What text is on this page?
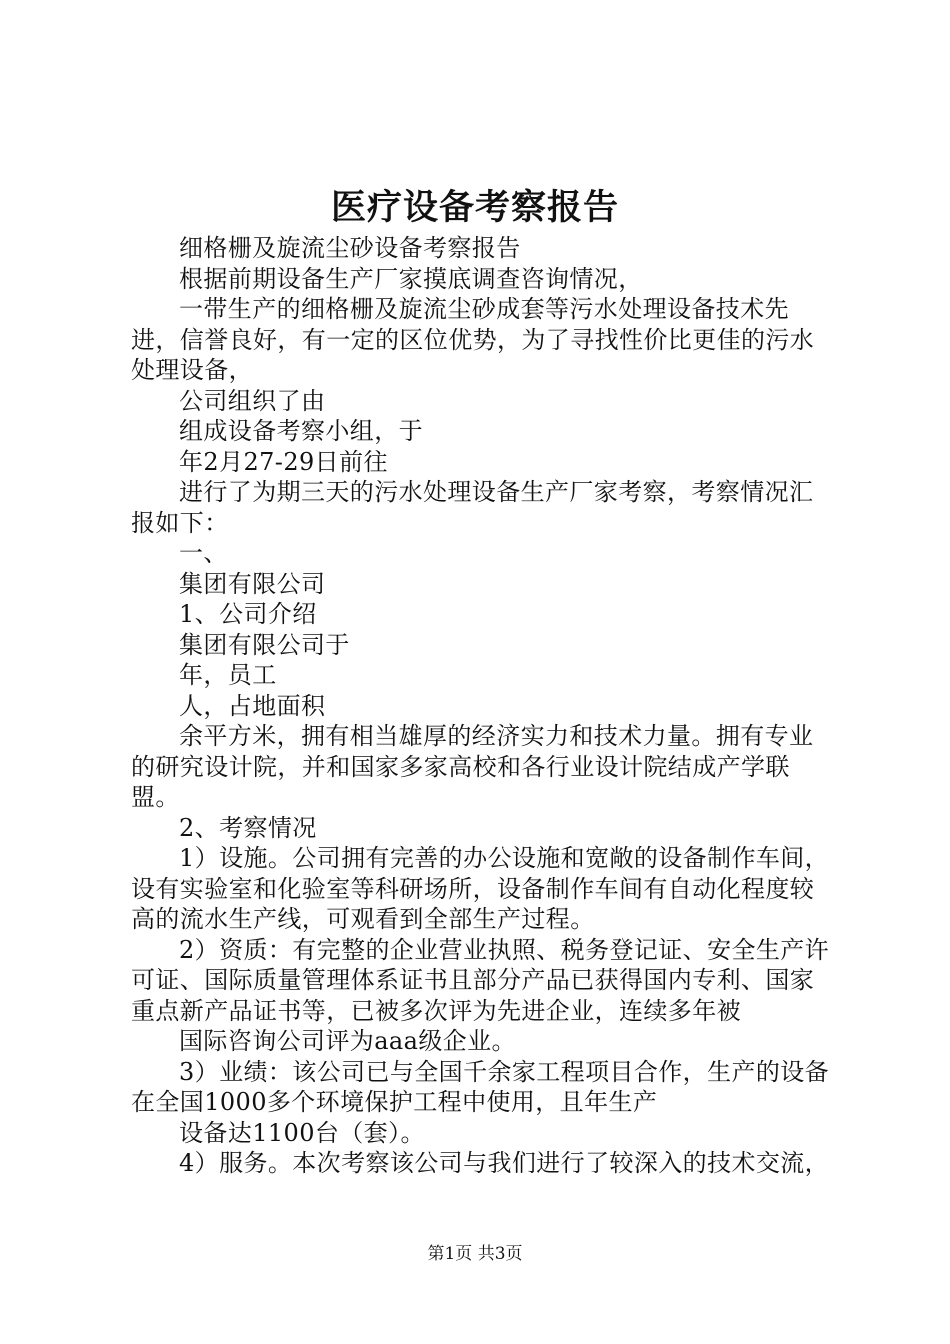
医疗设备考察报告

细格栅及旋流尘砂设备考察报告

根据前期设备生产厂家摸底调查咨询情况，

一带生产的细格栅及旋流尘砂成套等污水处理设备技术先进，信誉良好，有一定的区位优势，为了寻找性价比更佳的污水处理设备，

公司组织了由

组成设备考察小组，于

年2月27-29日前往

进行了为期三天的污水处理设备生产厂家考察，考察情况汇报如下：

一、

集团有限公司

1、公司介绍

集团有限公司于

年，员工

人，占地面积

余平方米，拥有相当雄厚的经济实力和技术力量。拥有专业的研究设计院，并和国家多家高校和各行业设计院结成产学联盟。

2、考察情况

1）设施。公司拥有完善的办公设施和宽敞的设备制作车间，设有实验室和化验室等科研场所，设备制作车间有自动化程度较高的流水生产线，可观看到全部生产过程。

2）资质：有完整的企业营业执照、税务登记证、安全生产许可证、国际质量管理体系证书且部分产品已获得国内专利、国家重点新产品证书等，已被多次评为先进企业，连续多年被

国际咨询公司评为aaa级企业。

3）业绩：该公司已与全国千余家工程项目合作，生产的设备在全国1000多个环境保护工程中使用，且年生产

设备达1100台（套）。

4）服务。本次考察该公司与我们进行了较深入的技术交流，

第1页 共3页
